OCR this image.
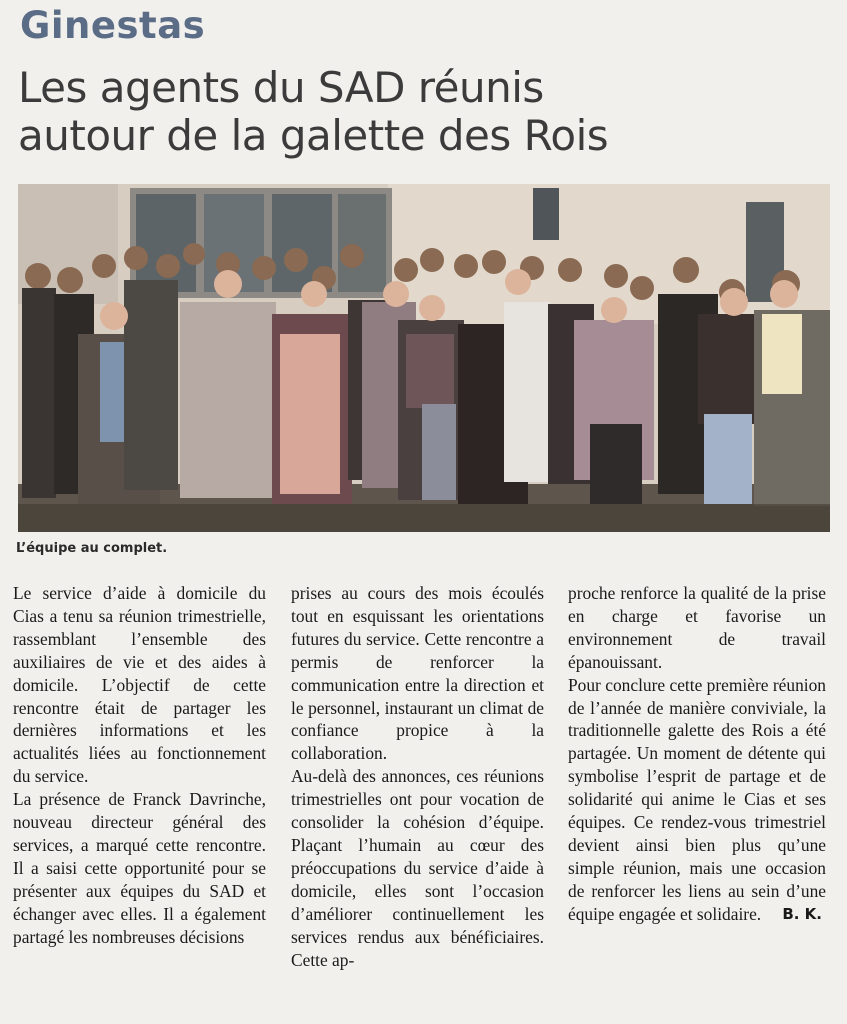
Ginestas
Les agents du SAD réunis
autour de la galette des Rois
L’équipe au complet.

Le service d’aide à domicile du Cias a tenu sa réunion trimestrielle, rassemblant l’ensemble des auxiliaires de vie et des aides à domicile. L’objectif de cette rencontre était de partager les dernières informations et les actualités liées au fonctionnement du service.

La présence de Franck Davrinche, nouveau directeur général des services, a marqué cette rencontre. Il a saisi cette opportunité pour se présenter aux équipes du SAD et échanger avec elles. Il a également partagé les nombreuses décisions

prises au cours des mois écoulés tout en esquissant les orientations futures du service. Cette rencontre a permis de renforcer la communication entre la direction et le personnel, instaurant un climat de confiance propice à la collaboration.

Au-delà des annonces, ces réunions trimestrielles ont pour vocation de consolider la cohésion d’équipe. Plaçant l’humain au cœur des préoccupations du service d’aide à domicile, elles sont l’occasion d’améliorer continuellement les services rendus aux bénéficiaires. Cette ap-

proche renforce la qualité de la prise en charge et favorise un environnement de travail épanouissant.

Pour conclure cette première réunion de l’année de manière conviviale, la traditionnelle galette des Rois a été partagée. Un moment de détente qui symbolise l’esprit de partage et de solidarité qui anime le Cias et ses équipes. Ce rendez-vous trimestriel devient ainsi bien plus qu’une simple réunion, mais une occasion de renforcer les liens au sein d’une équipe engagée et solidaire. B. K.
